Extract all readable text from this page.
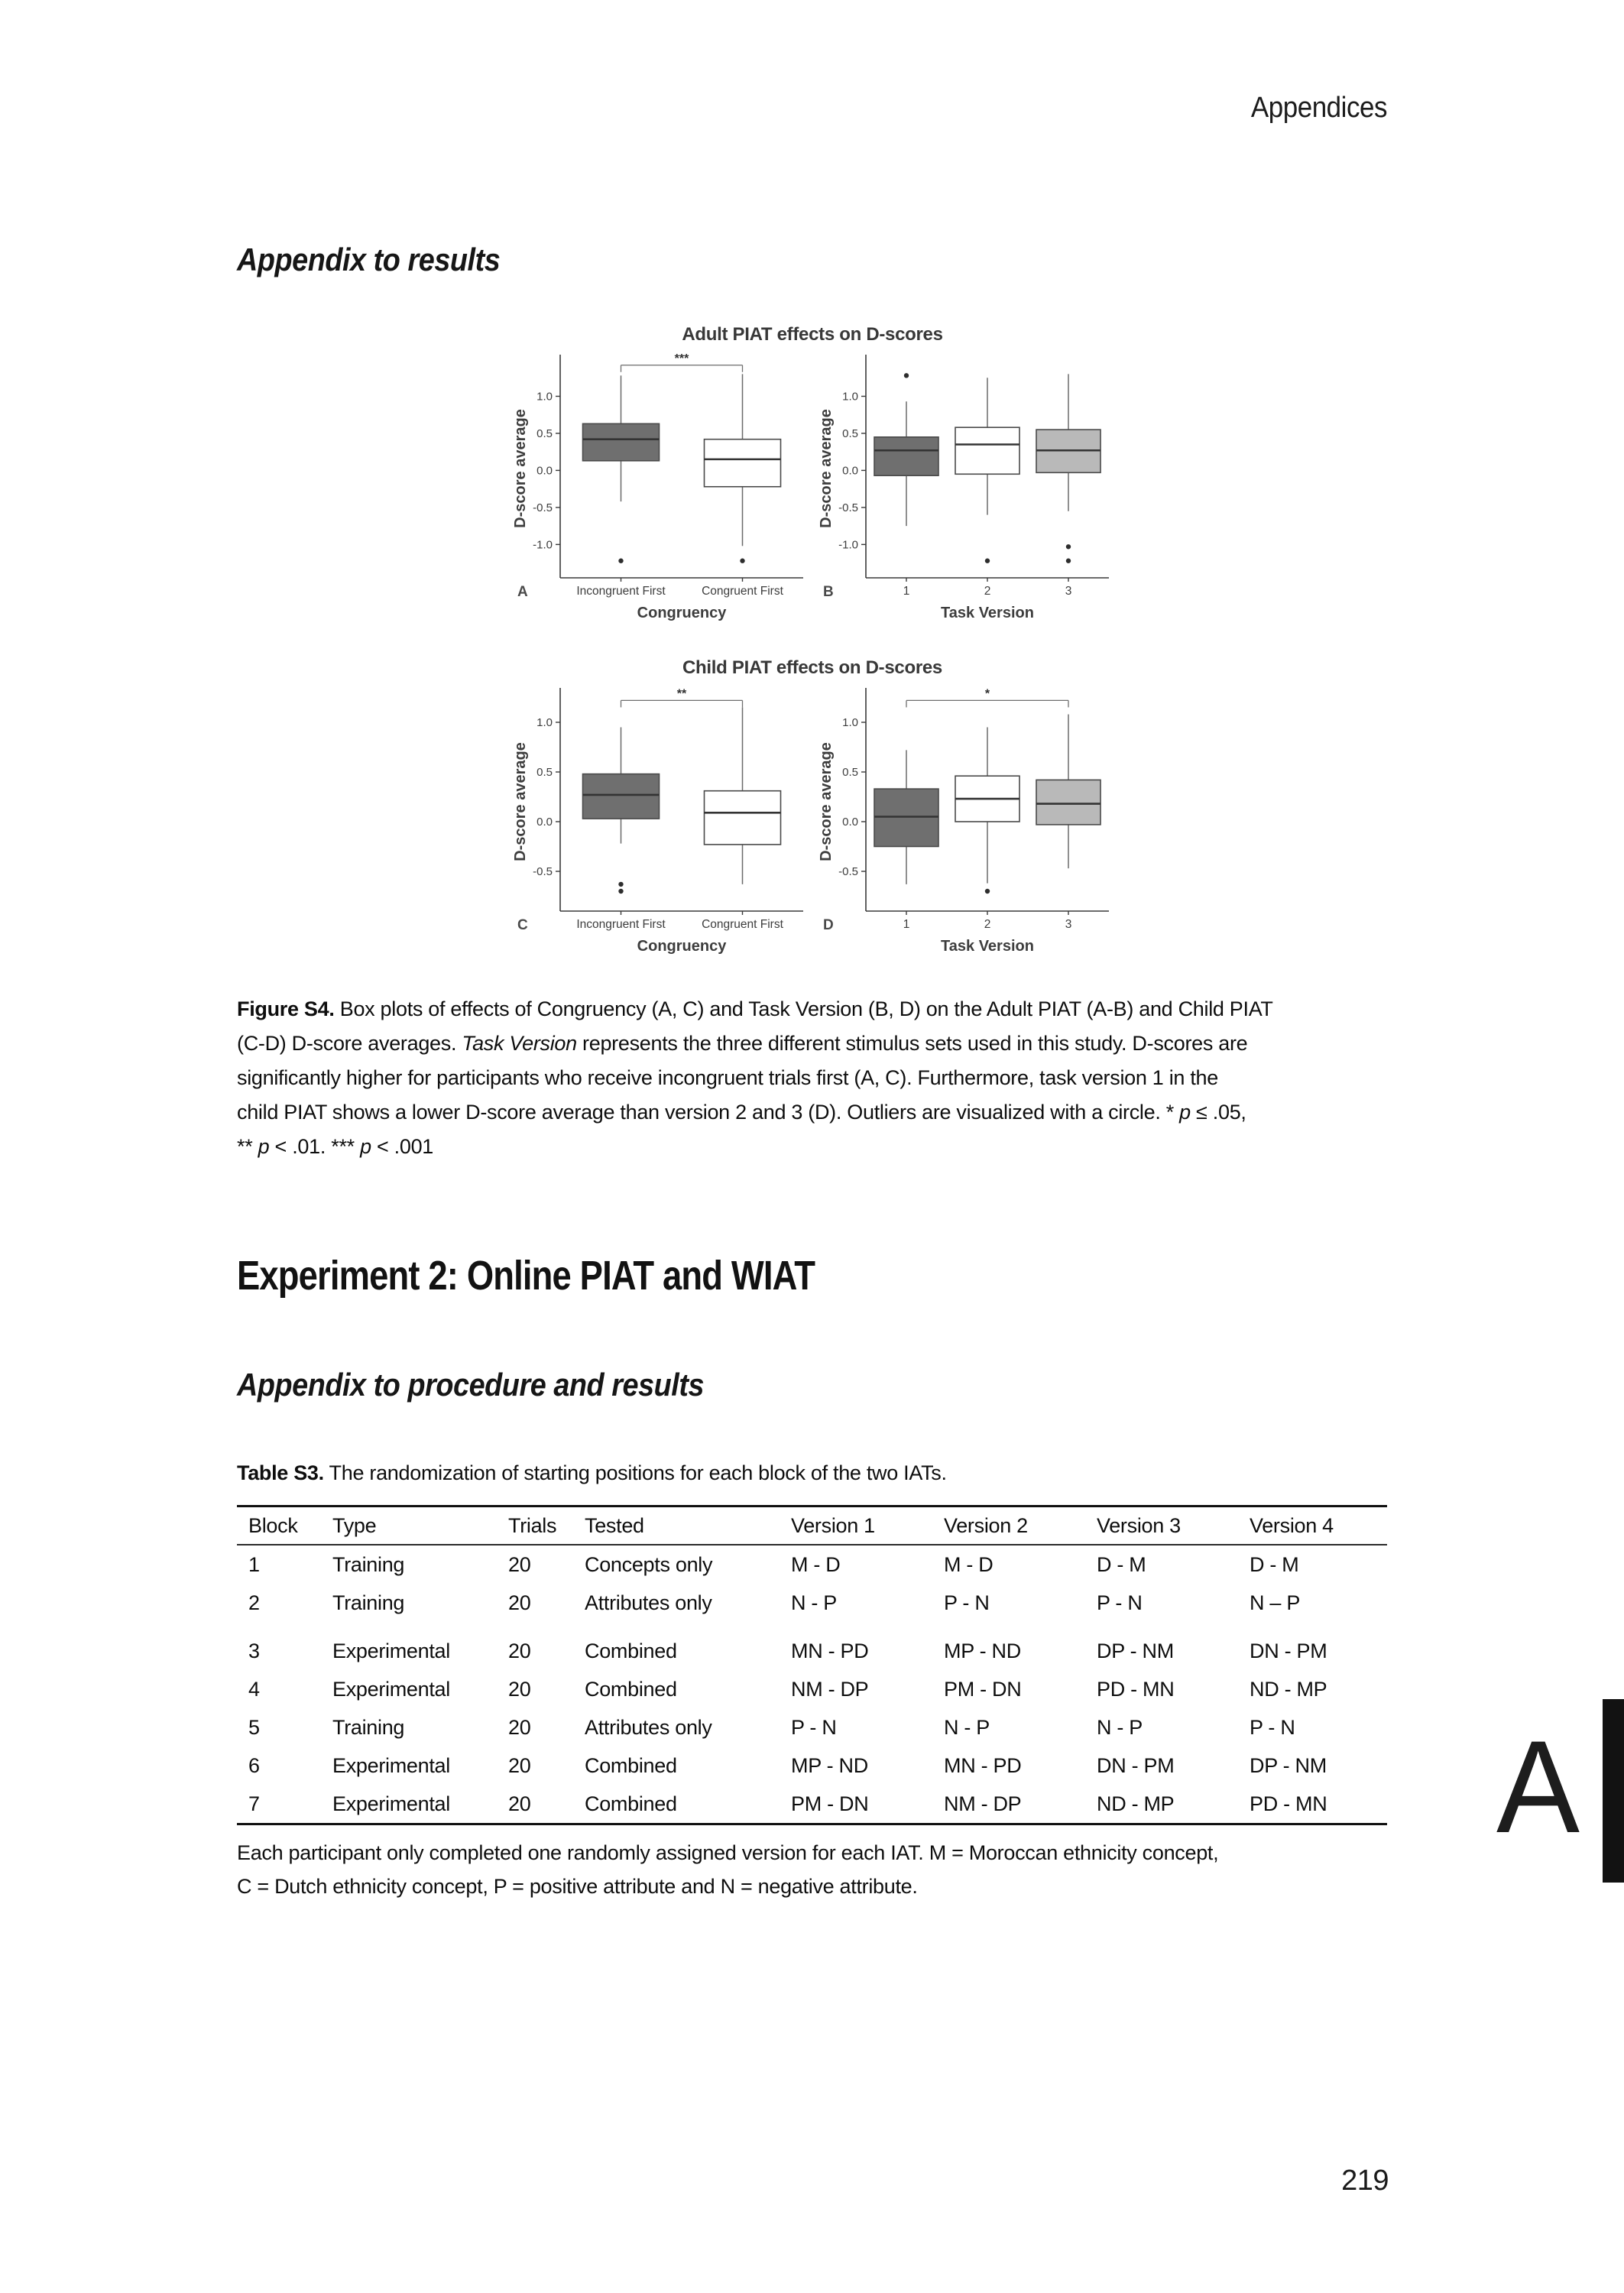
Appendices
Appendix to results
Adult PIAT effects on D-scores
1.0
0.5
0.0
-0.5
-1.0
D-score average
Incongruent First	Congruent First
***
Congruency
A
1.0
0.5
0.0
-0.5
-1.0
D-score average
1	2	3
Task Version
B
Child PIAT effects on D-scores
1.0
0.5
0.0
-0.5
D-score average
Incongruent First	Congruent First
**
Congruency
C
1.0
0.5
0.0
-0.5
D-score average
1	2	3
*
Task Version
D
Figure S4. Box plots of effects of Congruency (A, C) and Task Version (B, D) on the Adult PIAT (A-B) and Child PIAT
(C-D) D-score averages. Task Version represents the three different stimulus sets used in this study. D-scores are
significantly higher for participants who receive incongruent trials first (A, C). Furthermore, task version 1 in the
child PIAT shows a lower D-score average than version 2 and 3 (D). Outliers are visualized with a circle. * p ≤ .05,
** p < .01. *** p < .001
Experiment 2: Online PIAT and WIAT
Appendix to procedure and results
Table S3. The randomization of starting positions for each block of the two IATs.
Block	Type	Trials	Tested	Version 1	Version 2	Version 3	Version 4
1	Training	20	Concepts only	M - D	M - D	D - M	D - M
2	Training	20	Attributes only	N - P	P - N	P - N	N – P
3	Experimental	20	Combined	MN - PD	MP - ND	DP - NM	DN - PM
4	Experimental	20	Combined	NM - DP	PM - DN	PD - MN	ND - MP
5	Training	20	Attributes only	P - N	N - P	N - P	P - N
6	Experimental	20	Combined	MP - ND	MN - PD	DN - PM	DP - NM
7	Experimental	20	Combined	PM - DN	NM - DP	ND - MP	PD - MN
Each participant only completed one randomly assigned version for each IAT. M = Moroccan ethnicity concept,
C = Dutch ethnicity concept, P = positive attribute and N = negative attribute.
A
219
